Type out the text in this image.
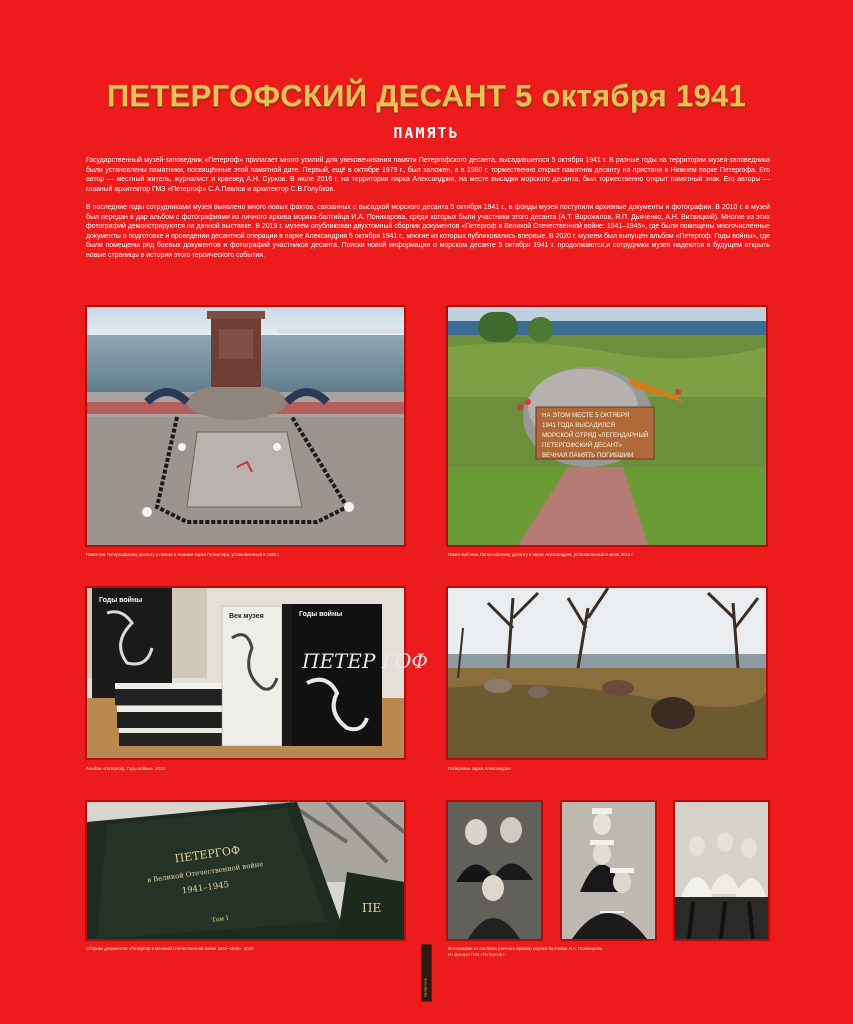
ПЕТЕРГОФСКИЙ ДЕСАНТ 5 октября 1941
ПАМЯТЬ
Государственный музей-заповедник «Петергоф» прилагает много усилий для увековечивания памяти Петергофского десанта, высадившегося 5 октября 1941 г. В разные годы на территории музея-заповедника были установлены памятники, посвящённые этой памятной дате. Первый, ещё в октябре 1979 г., был заложен, а в 1980 г. торжественно открыт памятник десанту на пристани в Нижнем парке Петергофа. Его автор — местный житель, журналист и краевед А.Н. Сурков. В июле 2016 г. на территории парка Александрия, на месте высадки морского десанта, был торжественно открыт памятный знак. Его авторы — главный архитектор ГМЗ «Петергоф» С.А.Павлов и архитектор С.В.Голубков.
В последние годы сотрудниками музея выявлено много новых фактов, связанных с высадкой морского десанта 5 октября 1941 г., в фонды музея поступили архивные документы и фотографии. В 2010 г. в музей был передан в дар альбом с фотографиями из личного архива моряка-балтийца И.А. Поникарова, среди которых были участники этого десанта (А.Т. Ворожилов, Я.П. Дьяченко, А.Н. Витвицкий). Многие из этих фотографий демонстрируются на данной выставке. В 2019 г. музеем опубликован двухтомный сборник документов «Петергоф в Великой Отечественной войне: 1941–1945», где были помещены многочисленные документы о подготовке и проведении десантной операции в парке Александрия 5 октября 1941 г., многие из которых публиковались впервые. В 2020 г. музеем был выпущен альбом «Петергоф. Годы войны», где были помещены ряд боевых документов и фотографий участников десанта. Поиски новой информации о морском десанте 5 октября 1941 г. продолжаются,и сотрудники музея надеются в будущем открыть новые страницы в истории этого героического события.
Памятник Петергофскому десанту у гавани в Нижнем парке Петергофа, установленный в 1980 г.
НА ЭТОМ МЕСТЕ 5 ОКТЯБРЯ
1941 ГОДА ВЫСАДИЛСЯ
МОРСКОЙ ОТРЯД «ЛЕГЕНДАРНЫЙ
ПЕТЕРГОФСКИЙ ДЕСАНТ»
ВЕЧНАЯ ПАМЯТЬ ПОГИБШИМ
Памятный знак Петергофскому десанту в парке Александрия, установленный в июле 2016 г.
Годы войны
Век музея	Годы войны
ПЕТЕР ГОФ
Альбом «Петергоф. Годы войны». 2020	Побережье парка Александрия
ПЕТЕРГОФ
в Великой Отечественной войне
1941–1945
Том I
ПЕ
Сборник документов «Петергоф в Великой Отечественной войне 1941–1945». 2020	Фотографии из альбома (личного архива) моряка-балтийца И.А. Поникарова
Из фондов ГМЗ «Петергоф»
ПЕТЕРГОФ
